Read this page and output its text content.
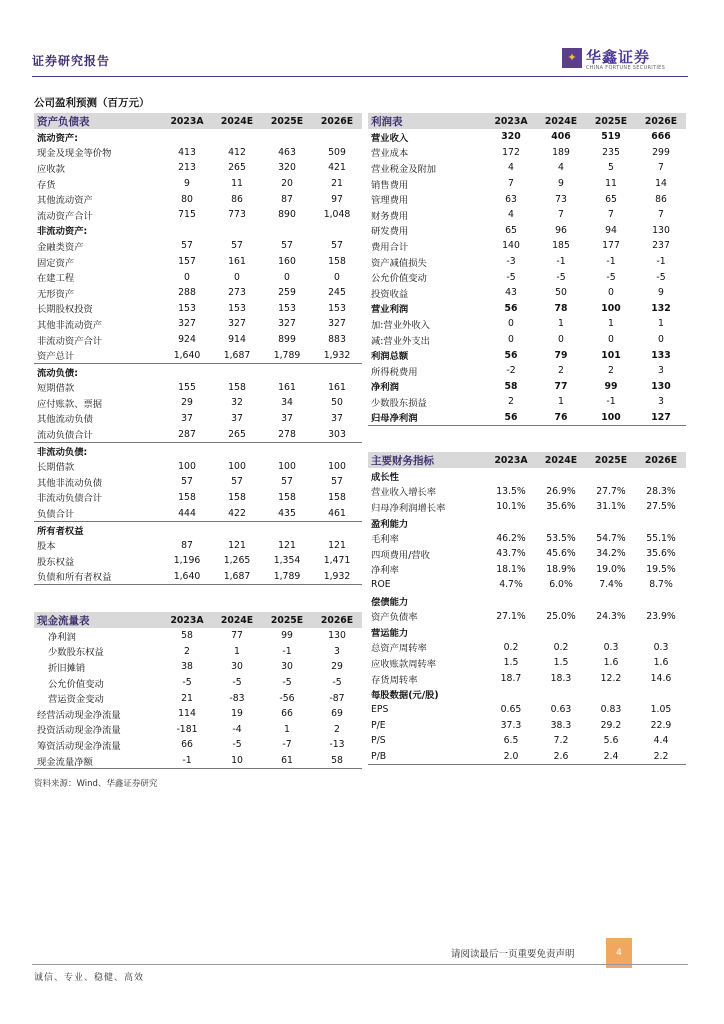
证券研究报告	✦ 华鑫证券
CHINA FORTUNE SECURITIES
公司盈利预测（百万元）
资产负债表	2023A	2024E	2025E	2026E
流动资产:				
现金及现金等价物	413	412	463	509
应收款	213	265	320	421
存货	9	11	20	21
其他流动资产	80	86	87	97
流动资产合计	715	773	890	1,048
非流动资产:				
金融类资产	57	57	57	57
固定资产	157	161	160	158
在建工程	0	0	0	0
无形资产	288	273	259	245
长期股权投资	153	153	153	153
其他非流动资产	327	327	327	327
非流动资产合计	924	914	899	883
资产总计	1,640	1,687	1,789	1,932
流动负债:				
短期借款	155	158	161	161
应付账款、票据	29	32	34	50
其他流动负债	37	37	37	37
流动负债合计	287	265	278	303
非流动负债:				
长期借款	100	100	100	100
其他非流动负债	57	57	57	57
非流动负债合计	158	158	158	158
负债合计	444	422	435	461
所有者权益				
股本	87	121	121	121
股东权益	1,196	1,265	1,354	1,471
负债和所有者权益	1,640	1,687	1,789	1,932
利润表	2023A	2024E	2025E	2026E
营业收入	320	406	519	666
营业成本	172	189	235	299
营业税金及附加	4	4	5	7
销售费用	7	9	11	14
管理费用	63	73	65	86
财务费用	4	7	7	7
研发费用	65	96	94	130
费用合计	140	185	177	237
资产减值损失	-3	-1	-1	-1
公允价值变动	-5	-5	-5	-5
投资收益	43	50	0	9
营业利润	56	78	100	132
加:营业外收入	0	1	1	1
减:营业外支出	0	0	0	0
利润总额	56	79	101	133
所得税费用	-2	2	2	3
净利润	58	77	99	130
少数股东损益	2	1	-1	3
归母净利润	56	76	100	127
主要财务指标	2023A	2024E	2025E	2026E
成长性				
营业收入增长率	13.5%	26.9%	27.7%	28.3%
归母净利润增长率	10.1%	35.6%	31.1%	27.5%
盈利能力				
毛利率	46.2%	53.5%	54.7%	55.1%
四项费用/营收	43.7%	45.6%	34.2%	35.6%
净利率	18.1%	18.9%	19.0%	19.5%
ROE	4.7%	6.0%	7.4%	8.7%
偿债能力				
资产负债率	27.1%	25.0%	24.3%	23.9%
营运能力				
总资产周转率	0.2	0.2	0.3	0.3
应收账款周转率	1.5	1.5	1.6	1.6
存货周转率	18.7	18.3	12.2	14.6
每股数据(元/股)				
EPS	0.65	0.63	0.83	1.05
P/E	37.3	38.3	29.2	22.9
P/S	6.5	7.2	5.6	4.4
P/B	2.0	2.6	2.4	2.2
现金流量表	2023A	2024E	2025E	2026E
净利润	58	77	99	130
少数股东权益	2	1	-1	3
折旧摊销	38	30	30	29
公允价值变动	-5	-5	-5	-5
营运资金变动	21	-83	-56	-87
经营活动现金净流量	114	19	66	69
投资活动现金净流量	-181	-4	1	2
筹资活动现金净流量	66	-5	-7	-13
现金流量净额	-1	10	61	58
资料来源：Wind、华鑫证券研究
请阅读最后一页重要免责声明	4
诚信、专业、稳健、高效
